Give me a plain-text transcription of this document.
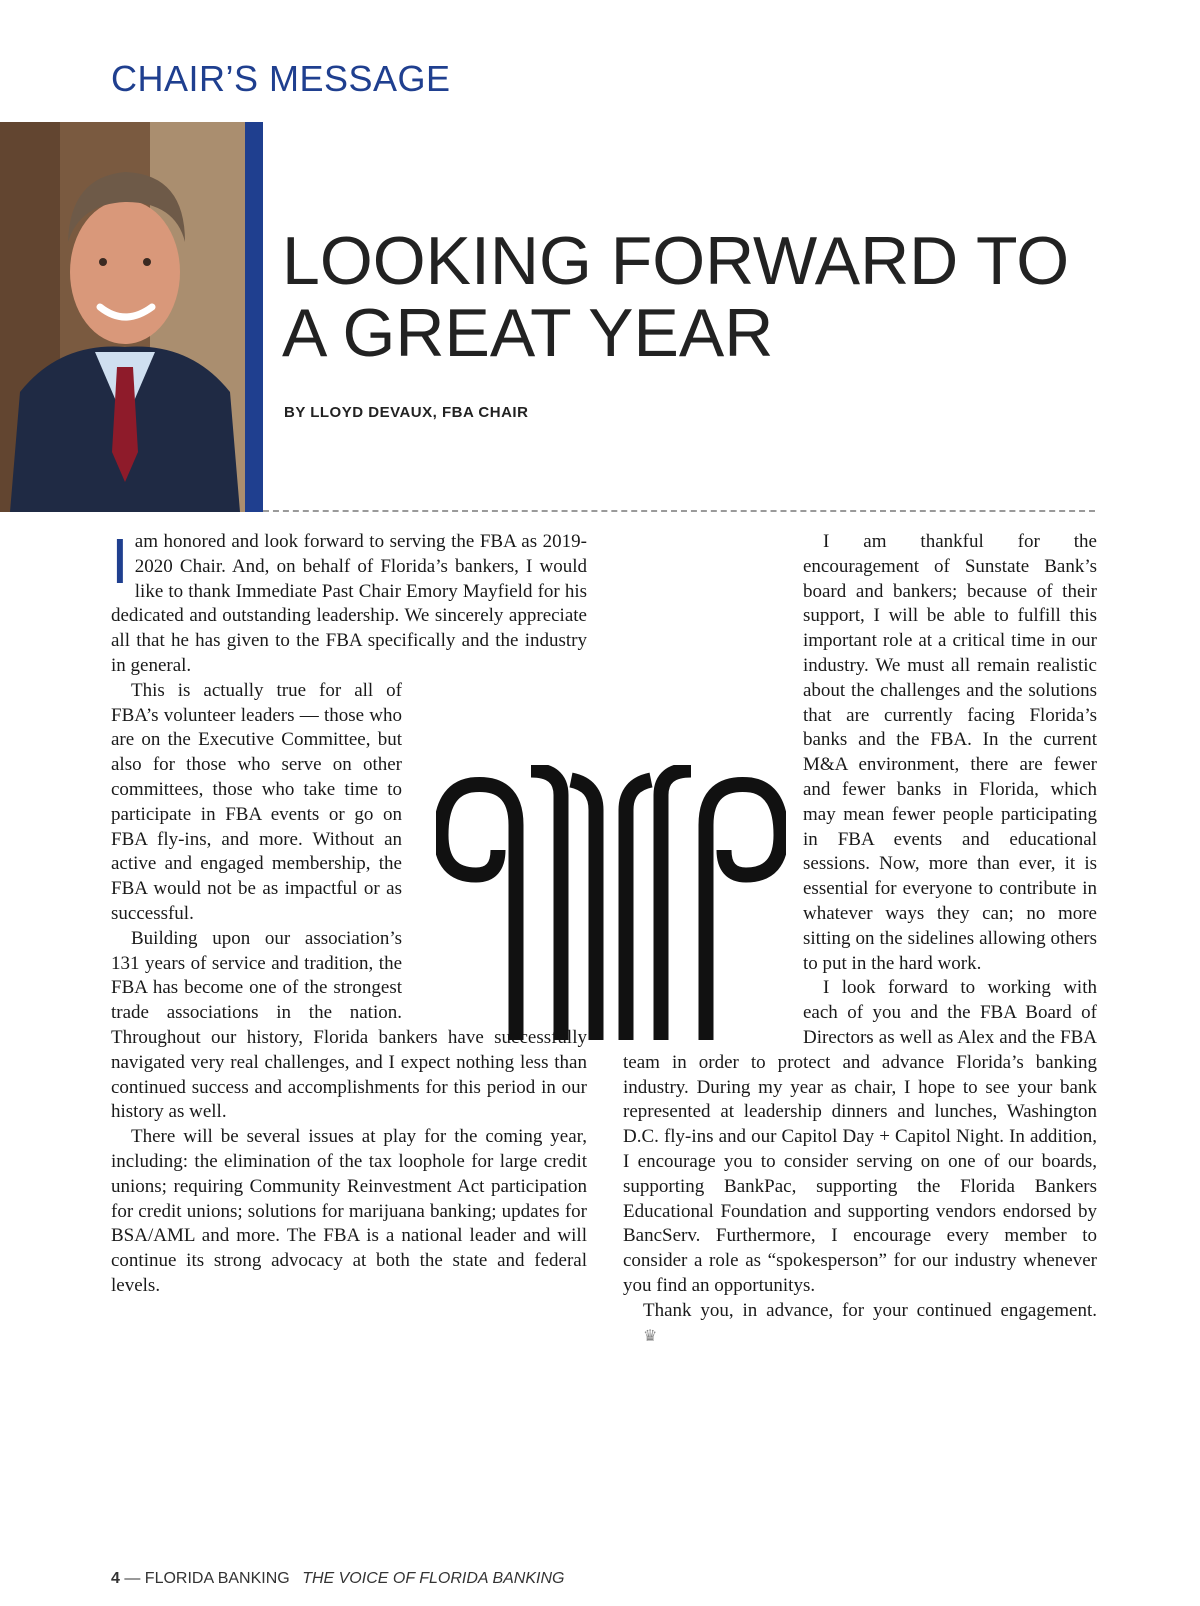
CHAIR’S MESSAGE
LOOKING FORWARD TO
A GREAT YEAR
BY LLOYD DEVAUX, FBA CHAIR

Iam honored and look forward to serving the FBA as 2019-2020 Chair. And, on behalf of Florida’s bankers, I would like to thank Immediate Past Chair Emory Mayfield for his dedicated and outstanding leadership. We sincerely appreciate all that he has given to the FBA specifically and the industry in general.

This is actually true for all of FBA’s volunteer leaders — those who are on the Executive Committee, but also for those who serve on other committees, those who take time to participate in FBA events or go on FBA fly-ins, and more. Without an active and engaged membership, the FBA would not be as impactful or as successful.

Building upon our association’s 131 years of service and tradition, the FBA has become one of the strongest trade associations in the nation. Throughout our history, Florida bankers have successfully navigated very real challenges, and I expect nothing less than continued success and accomplishments for this period in our history as well.

There will be several issues at play for the coming year, including: the elimination of the tax loophole for large credit unions; requiring Community Reinvestment Act participation for credit unions; solutions for marijuana banking; updates for BSA/AML and more. The FBA is a national leader and will continue its strong advocacy at both the state and federal levels.

I am thankful for the encouragement of Sunstate Bank’s board and bankers; because of their support, I will be able to fulfill this important role at a critical time in our industry. We must all remain realistic about the challenges and the solutions that are currently facing Florida’s banks and the FBA. In the current M&A environment, there are fewer and fewer banks in Florida, which may mean fewer people participating in FBA events and educational sessions. Now, more than ever, it is essential for everyone to contribute in whatever ways they can; no more sitting on the sidelines allowing others to put in the hard work.

I look forward to working with each of you and the FBA Board of Directors as well as Alex and the FBA team in order to protect and advance Florida’s banking industry. During my year as chair, I hope to see your bank represented at leadership dinners and lunches, Washington D.C. fly-ins and our Capitol Day + Capitol Night. In addition, I encourage you to consider serving on one of our boards, supporting BankPac, supporting the Florida Bankers Educational Foundation and supporting vendors endorsed by BancServ. Furthermore, I encourage every member to consider a role as “spokesperson” for our industry whenever you find an opportunitys.

Thank you, in advance, for your continued engagement. ♛

4 — FLORIDA BANKING THE VOICE OF FLORIDA BANKING
